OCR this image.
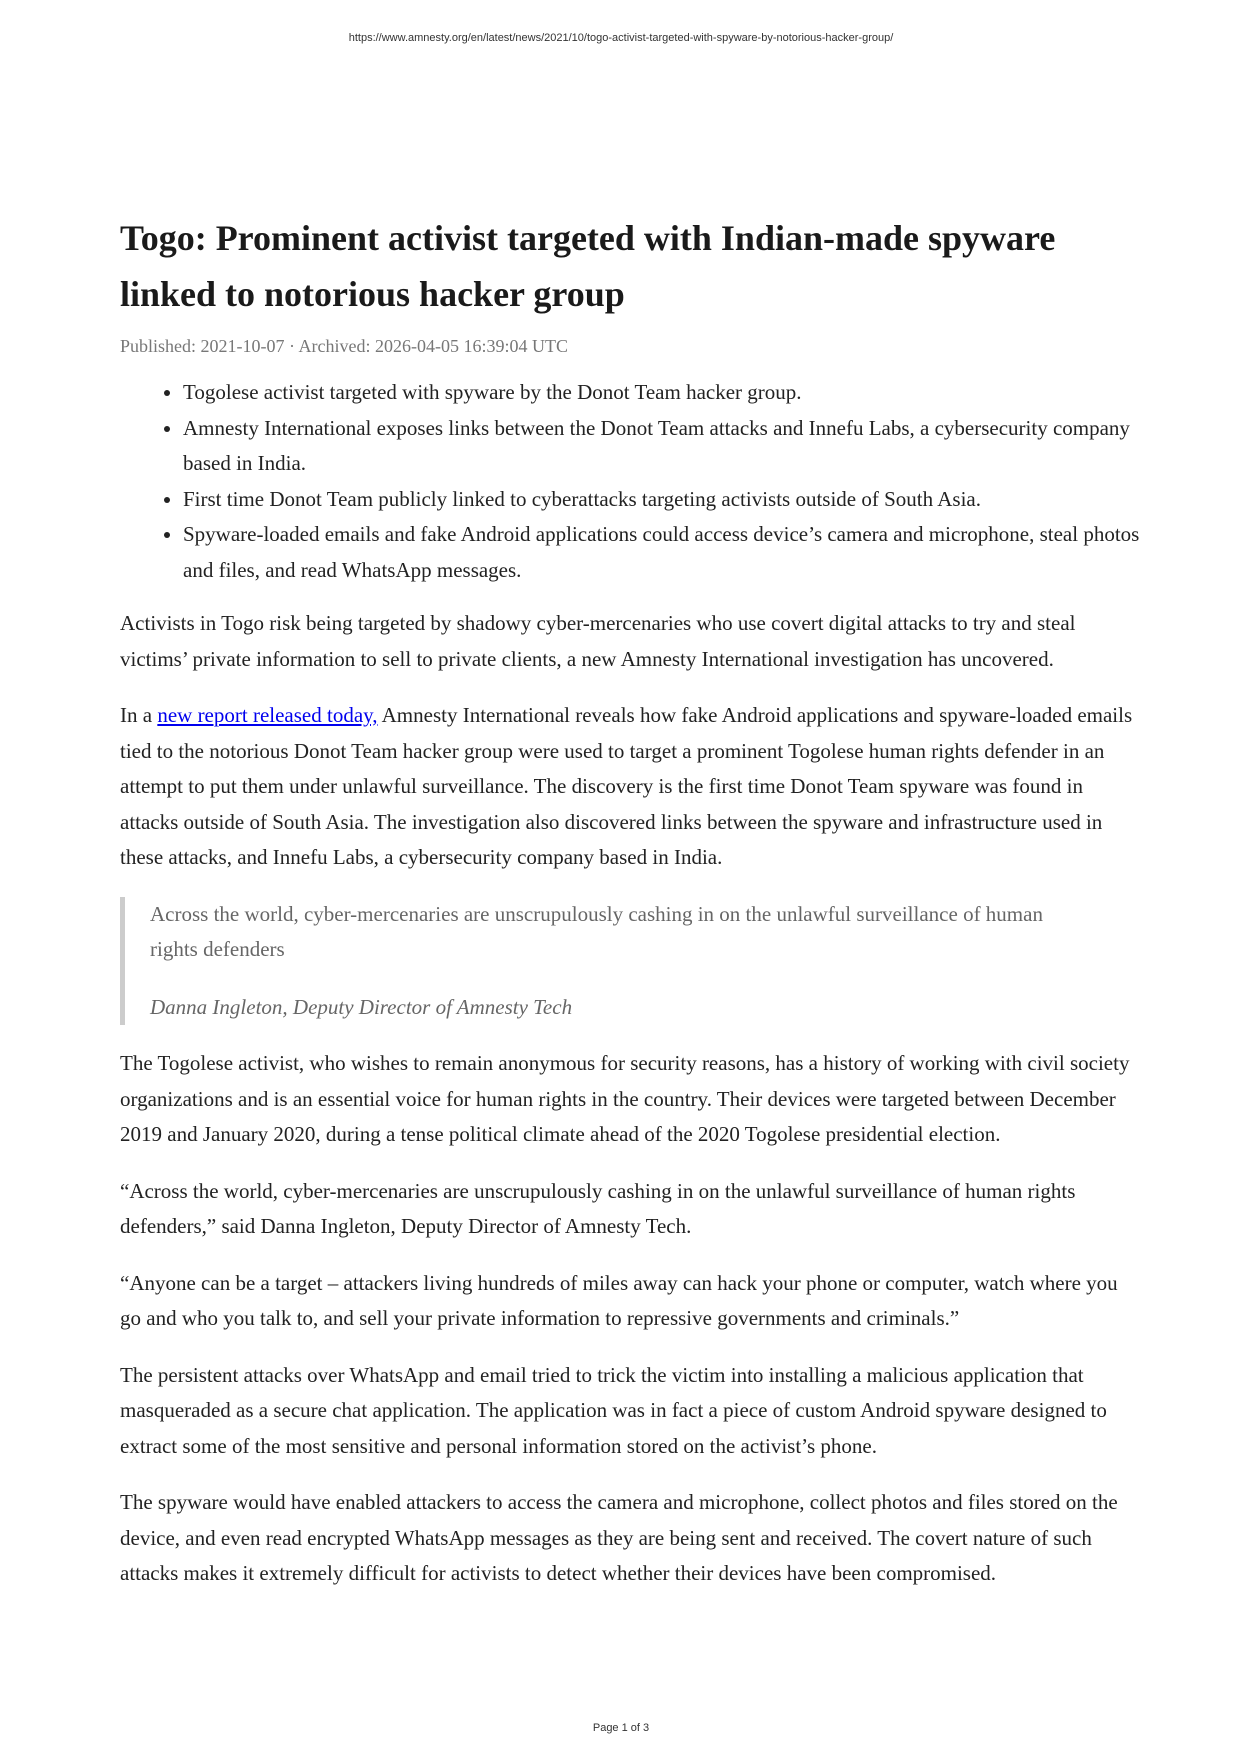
https://www.amnesty.org/en/latest/news/2021/10/togo-activist-targeted-with-spyware-by-notorious-hacker-group/
Togo: Prominent activist targeted with Indian-made spyware linked to notorious hacker group
Published: 2021-10-07 · Archived: 2026-04-05 16:39:04 UTC
• Togolese activist targeted with spyware by the Donot Team hacker group.
• Amnesty International exposes links between the Donot Team attacks and Innefu Labs, a cybersecurity company based in India.
• First time Donot Team publicly linked to cyberattacks targeting activists outside of South Asia.
• Spyware-loaded emails and fake Android applications could access device’s camera and microphone, steal photos and files, and read WhatsApp messages.

Activists in Togo risk being targeted by shadowy cyber-mercenaries who use covert digital attacks to try and steal victims’ private information to sell to private clients, a new Amnesty International investigation has uncovered.

In a new report released today, Amnesty International reveals how fake Android applications and spyware-loaded emails tied to the notorious Donot Team hacker group were used to target a prominent Togolese human rights defender in an attempt to put them under unlawful surveillance. The discovery is the first time Donot Team spyware was found in attacks outside of South Asia. The investigation also discovered links between the spyware and infrastructure used in these attacks, and Innefu Labs, a cybersecurity company based in India.

Across the world, cyber-mercenaries are unscrupulously cashing in on the unlawful surveillance of human rights defenders

Danna Ingleton, Deputy Director of Amnesty Tech

The Togolese activist, who wishes to remain anonymous for security reasons, has a history of working with civil society organizations and is an essential voice for human rights in the country. Their devices were targeted between December 2019 and January 2020, during a tense political climate ahead of the 2020 Togolese presidential election.

“Across the world, cyber-mercenaries are unscrupulously cashing in on the unlawful surveillance of human rights defenders,” said Danna Ingleton, Deputy Director of Amnesty Tech.

“Anyone can be a target – attackers living hundreds of miles away can hack your phone or computer, watch where you go and who you talk to, and sell your private information to repressive governments and criminals.”

The persistent attacks over WhatsApp and email tried to trick the victim into installing a malicious application that masqueraded as a secure chat application. The application was in fact a piece of custom Android spyware designed to extract some of the most sensitive and personal information stored on the activist’s phone.

The spyware would have enabled attackers to access the camera and microphone, collect photos and files stored on the device, and even read encrypted WhatsApp messages as they are being sent and received. The covert nature of such attacks makes it extremely difficult for activists to detect whether their devices have been compromised.

Page 1 of 3
